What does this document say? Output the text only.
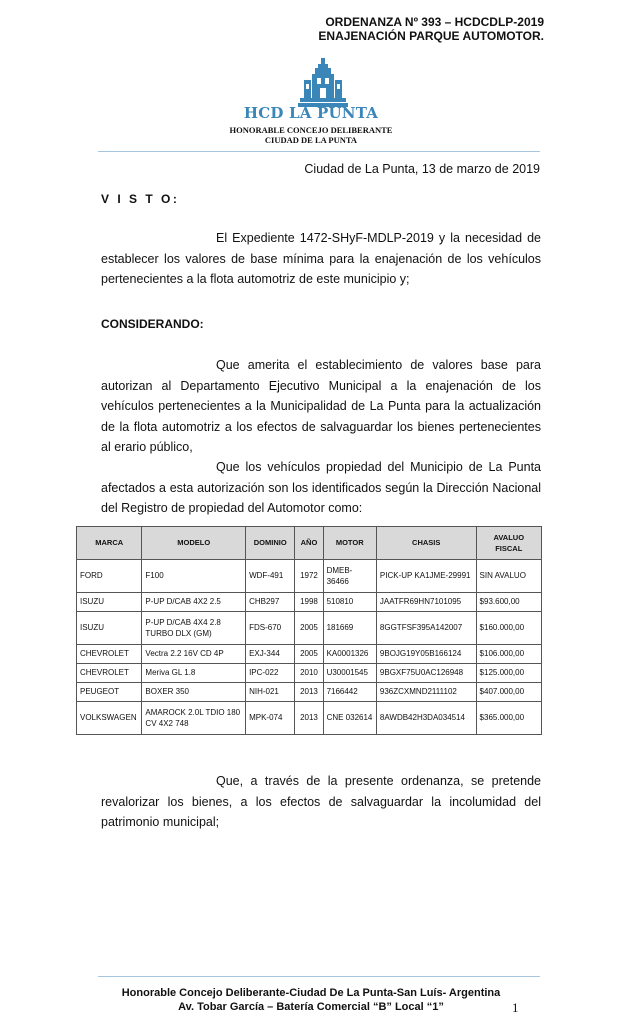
ORDENANZA Nº 393 – HCDCDLP-2019
ENAJENACIÓN PARQUE AUTOMOTOR.
HCD LA PUNTA
HONORABLE CONCEJO DELIBERANTE
CIUDAD DE LA PUNTA
Ciudad de La Punta, 13 de marzo de 2019
V I S T O:
El Expediente 1472-SHyF-MDLP-2019 y la necesidad de establecer los valores de base mínima para la enajenación de los vehículos pertenecientes a la flota automotriz de este municipio y;
CONSIDERANDO:
Que amerita el establecimiento de valores base para autorizan al Departamento Ejecutivo Municipal a la enajenación de los vehículos pertenecientes a la Municipalidad de La Punta para la actualización de la flota automotriz a los efectos de salvaguardar los bienes pertenecientes al erario público,
Que los vehículos propiedad del Municipio de La Punta afectados a esta autorización son los identificados según la Dirección Nacional del Registro de propiedad del Automotor como:
MARCA	MODELO	DOMINIO	AÑO	MOTOR	CHASIS	AVALUO FISCAL
FORD	F100	WDF-491	1972	DMEB-36466	PICK-UP KA1JME-29991	SIN AVALUO
ISUZU	P-UP D/CAB 4X2 2.5	CHB297	1998	510810	JAATFR69HN7101095	$93.600,00
ISUZU	P-UP D/CAB 4X4 2.8 TURBO DLX (GM)	FDS-670	2005	181669	8GGTFSF395A142007	$160.000,00
CHEVROLET	Vectra 2.2 16V CD 4P	EXJ-344	2005	KA0001326	9BOJG19Y05B166124	$106.000,00
CHEVROLET	Meriva GL 1.8	IPC-022	2010	U30001545	9BGXF75U0AC126948	$125.000,00
PEUGEOT	BOXER 350	NIH-021	2013	7166442	936ZCXMND2111102	$407.000,00
VOLKSWAGEN	AMAROCK 2.0L TDIO 180 CV 4X2 748	MPK-074	2013	CNE 032614	8AWDB42H3DA034514	$365.000,00
Que, a través de la presente ordenanza, se pretende revalorizar los bienes, a los efectos de salvaguardar la incolumidad del patrimonio municipal;
Honorable Concejo Deliberante-Ciudad De La Punta-San Luís- Argentina
Av. Tobar García – Batería Comercial “B” Local “1”	1
